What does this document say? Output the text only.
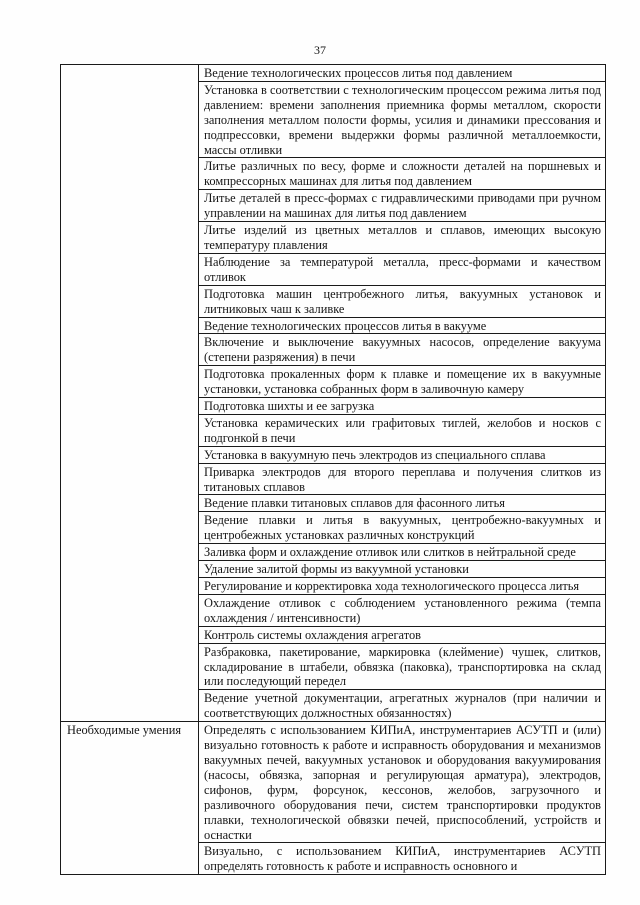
37
	Ведение технологических процессов литья под давлением
	Установка в соответствии с технологическим процессом режима литья под давлением: времени заполнения приемника формы металлом, скорости заполнения металлом полости формы, усилия и динамики прессования и подпрессовки, времени выдержки формы различной металлоемкости, массы отливки
	Литье различных по весу, форме и сложности деталей на поршневых и компрессорных машинах для литья под давлением
	Литье деталей в пресс-формах с гидравлическими приводами при ручном управлении на машинах для литья под давлением
	Литье изделий из цветных металлов и сплавов, имеющих высокую температуру плавления
	Наблюдение за температурой металла, пресс-формами и качеством отливок
	Подготовка машин центробежного литья, вакуумных установок и литниковых чаш к заливке
	Ведение технологических процессов литья в вакууме
	Включение и выключение вакуумных насосов, определение вакуума (степени разряжения) в печи
	Подготовка прокаленных форм к плавке и помещение их в вакуумные установки, установка собранных форм в заливочную камеру
	Подготовка шихты и ее загрузка
	Установка керамических или графитовых тиглей, желобов и носков с подгонкой в печи
	Установка в вакуумную печь электродов из специального сплава
	Приварка электродов для второго переплава и получения слитков из титановых сплавов
	Ведение плавки титановых сплавов для фасонного литья
	Ведение плавки и литья в вакуумных, центробежно-вакуумных и центробежных установках различных конструкций
	Заливка форм и охлаждение отливок или слитков в нейтральной среде
	Удаление залитой формы из вакуумной установки
	Регулирование и корректировка хода технологического процесса литья
	Охлаждение отливок с соблюдением установленного режима (темпа охлаждения / интенсивности)
	Контроль системы охлаждения агрегатов
	Разбраковка, пакетирование, маркировка (клеймение) чушек, слитков, складирование в штабели, обвязка (паковка), транспортировка на склад или последующий передел
	Ведение учетной документации, агрегатных журналов (при наличии и соответствующих должностных обязанностях)
Необходимые умения	Определять с использованием КИПиА, инструментариев АСУТП и (или) визуально готовность к работе и исправность оборудования и механизмов вакуумных печей, вакуумных установок и оборудования вакуумирования (насосы, обвязка, запорная и регулирующая арматура), электродов, сифонов, фурм, форсунок, кессонов, желобов, загрузочного и разливочного оборудования печи, систем транспортировки продуктов плавки, технологической обвязки печей, приспособлений, устройств и оснастки
	Визуально, с использованием КИПиА, инструментариев АСУТП определять готовность к работе и исправность основного и
